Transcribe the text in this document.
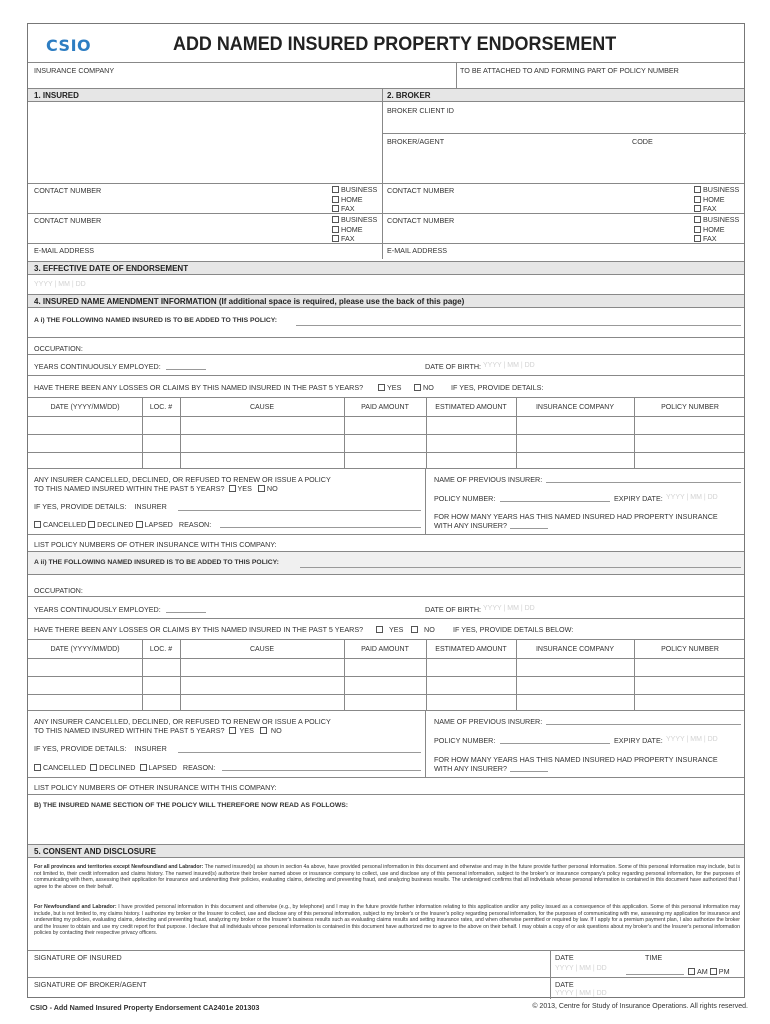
CSIO	ADD NAMED INSURED PROPERTY ENDORSEMENT
INSURANCE COMPANY	TO BE ATTACHED TO AND FORMING PART OF POLICY NUMBER
1. INSURED	2. BROKER
BROKER CLIENT ID
BROKER/AGENT	CODE
CONTACT NUMBER	BUSINESS
HOME
FAX
CONTACT NUMBER	BUSINESS
HOME
FAX
CONTACT NUMBER	BUSINESS
HOME
FAX
CONTACT NUMBER	BUSINESS
HOME
FAX
E-MAIL ADDRESS	E-MAIL ADDRESS
3. EFFECTIVE DATE OF ENDORSEMENT
YYYY | MM | DD
4. INSURED NAME AMENDMENT INFORMATION (If additional space is required, please use the back of this page)
A i) THE FOLLOWING NAMED INSURED IS TO BE ADDED TO THIS POLICY:
OCCUPATION:
YEARS CONTINUOUSLY EMPLOYED:	DATE OF BIRTH: YYYY | MM | DD
HAVE THERE BEEN ANY LOSSES OR CLAIMS BY THIS NAMED INSURED IN THE PAST 5 YEARS?	YES	NO IF YES, PROVIDE DETAILS:
DATE (YYYY/MM/DD)	LOC. #	CAUSE	PAID AMOUNT	ESTIMATED AMOUNT	INSURANCE COMPANY	POLICY NUMBER
ANY INSURER CANCELLED, DECLINED, OR REFUSED TO RENEW OR ISSUE A POLICY
TO THIS NAMED INSURED WITHIN THE PAST 5 YEARS? YES NO
IF YES, PROVIDE DETAILS: INSURER
CANCELLED DECLINED LAPSED REASON:
NAME OF PREVIOUS INSURER:
POLICY NUMBER:	EXPIRY DATE: YYYY | MM | DD
FOR HOW MANY YEARS HAS THIS NAMED INSURED HAD PROPERTY INSURANCE
WITH ANY INSURER?
LIST POLICY NUMBERS OF OTHER INSURANCE WITH THIS COMPANY:
A ii) THE FOLLOWING NAMED INSURED IS TO BE ADDED TO THIS POLICY:
OCCUPATION:
YEARS CONTINUOUSLY EMPLOYED:	DATE OF BIRTH: YYYY | MM | DD
HAVE THERE BEEN ANY LOSSES OR CLAIMS BY THIS NAMED INSURED IN THE PAST 5 YEARS?	YES	NO	IF YES, PROVIDE DETAILS BELOW:
DATE (YYYY/MM/DD)	LOC. #	CAUSE	PAID AMOUNT	ESTIMATED AMOUNT	INSURANCE COMPANY	POLICY NUMBER
ANY INSURER CANCELLED, DECLINED, OR REFUSED TO RENEW OR ISSUE A POLICY
TO THIS NAMED INSURED WITHIN THE PAST 5 YEARS? YES NO
IF YES, PROVIDE DETAILS: INSURER
CANCELLED DECLINED LAPSED REASON:
NAME OF PREVIOUS INSURER:
POLICY NUMBER:	EXPIRY DATE: YYYY | MM | DD
FOR HOW MANY YEARS HAS THIS NAMED INSURED HAD PROPERTY INSURANCE
WITH ANY INSURER?
LIST POLICY NUMBERS OF OTHER INSURANCE WITH THIS COMPANY:
B) THE INSURED NAME SECTION OF THE POLICY WILL THEREFORE NOW READ AS FOLLOWS:
5. CONSENT AND DISCLOSURE
For all provinces and territories except Newfoundland and Labrador: The named insured(s) as shown in section 4a above, have provided personal information in this document and otherwise and may in the future provide further personal information. Some of this personal information may include, but is not limited to, their credit information and claims history. The named insured(s) authorize their broker named above or insurance company to collect, use and disclose any of this personal information, subject to the broker's or insurance company's policy regarding personal information, for the purposes of communicating with them, assessing their application for insurance and underwriting their policies, evaluating claims, detecting and preventing fraud, and analyzing business results. The undersigned confirms that all individuals whose personal information is contained in this document have authorized that I agree to the above on their behalf.
For Newfoundland and Labrador: I have provided personal information in this document and otherwise (e.g., by telephone) and I may in the future provide further information relating to this application and/or any policy issued as a consequence of this application. Some of this personal information may include, but is not limited to, my claims history. I authorize my broker or the Insurer to collect, use and disclose any of this personal information, subject to my broker's or the Insurer's policy regarding personal information, for the purposes of communicating with me, assessing my application for insurance and underwriting my policies, evaluating claims, detecting and preventing fraud, analyzing my broker or the Insurer's business results such as evaluating claims results and setting insurance rates, and when otherwise permitted or required by law. If I apply for a premium payment plan, I also authorize the broker and the Insurer to obtain and use my credit report for that purpose. I declare that all individuals whose personal information is contained in this document have authorized me to agree to the above on their behalf. I may obtain a copy of or ask questions about my broker's and the Insurer's personal information policies by contacting their respective privacy officers.
SIGNATURE OF INSURED	DATE
YYYY | MM | DD
TIME
AM PM
SIGNATURE OF BROKER/AGENT	DATE
YYYY | MM | DD
CSIO - Add Named Insured Property Endorsement CA2401e 201303	© 2013, Centre for Study of Insurance Operations. All rights reserved.
